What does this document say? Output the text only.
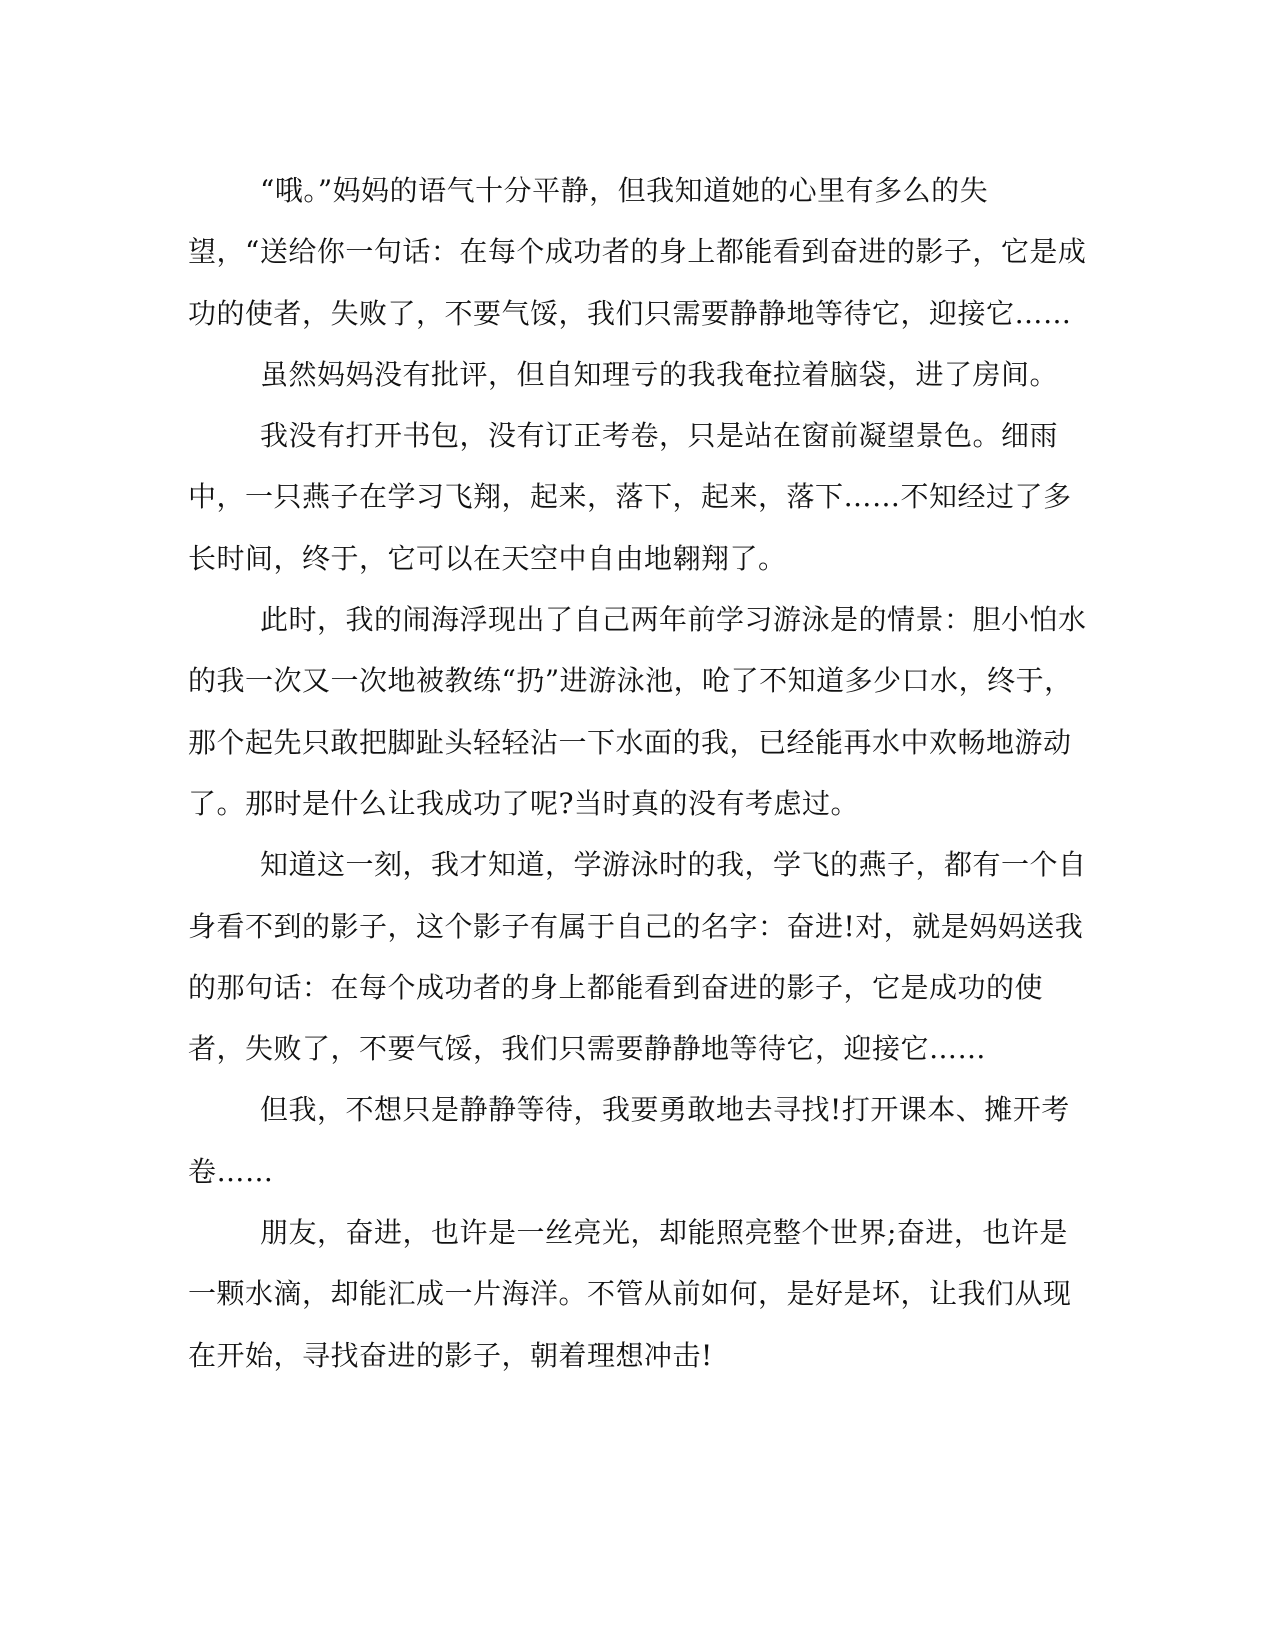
“哦。”妈妈的语气十分平静，但我知道她的心里有多么的失望，“送给你一句话：在每个成功者的身上都能看到奋进的影子，它是成功的使者，失败了，不要气馁，我们只需要静静地等待它，迎接它……

虽然妈妈没有批评，但自知理亏的我我奄拉着脑袋，进了房间。

我没有打开书包，没有订正考卷，只是站在窗前凝望景色。细雨中，一只燕子在学习飞翔，起来，落下，起来，落下……不知经过了多长时间，终于，它可以在天空中自由地翱翔了。

此时，我的闹海浮现出了自己两年前学习游泳是的情景：胆小怕水的我一次又一次地被教练“扔”进游泳池，呛了不知道多少口水，终于，那个起先只敢把脚趾头轻轻沾一下水面的我，已经能再水中欢畅地游动了。那时是什么让我成功了呢?当时真的没有考虑过。

知道这一刻，我才知道，学游泳时的我，学飞的燕子，都有一个自身看不到的影子，这个影子有属于自己的名字：奋进!对，就是妈妈送我的那句话：在每个成功者的身上都能看到奋进的影子，它是成功的使者，失败了，不要气馁，我们只需要静静地等待它，迎接它……

但我，不想只是静静等待，我要勇敢地去寻找!打开课本、摊开考卷……

朋友，奋进，也许是一丝亮光，却能照亮整个世界;奋进，也许是一颗水滴，却能汇成一片海洋。不管从前如何，是好是坏，让我们从现在开始，寻找奋进的影子，朝着理想冲击!
